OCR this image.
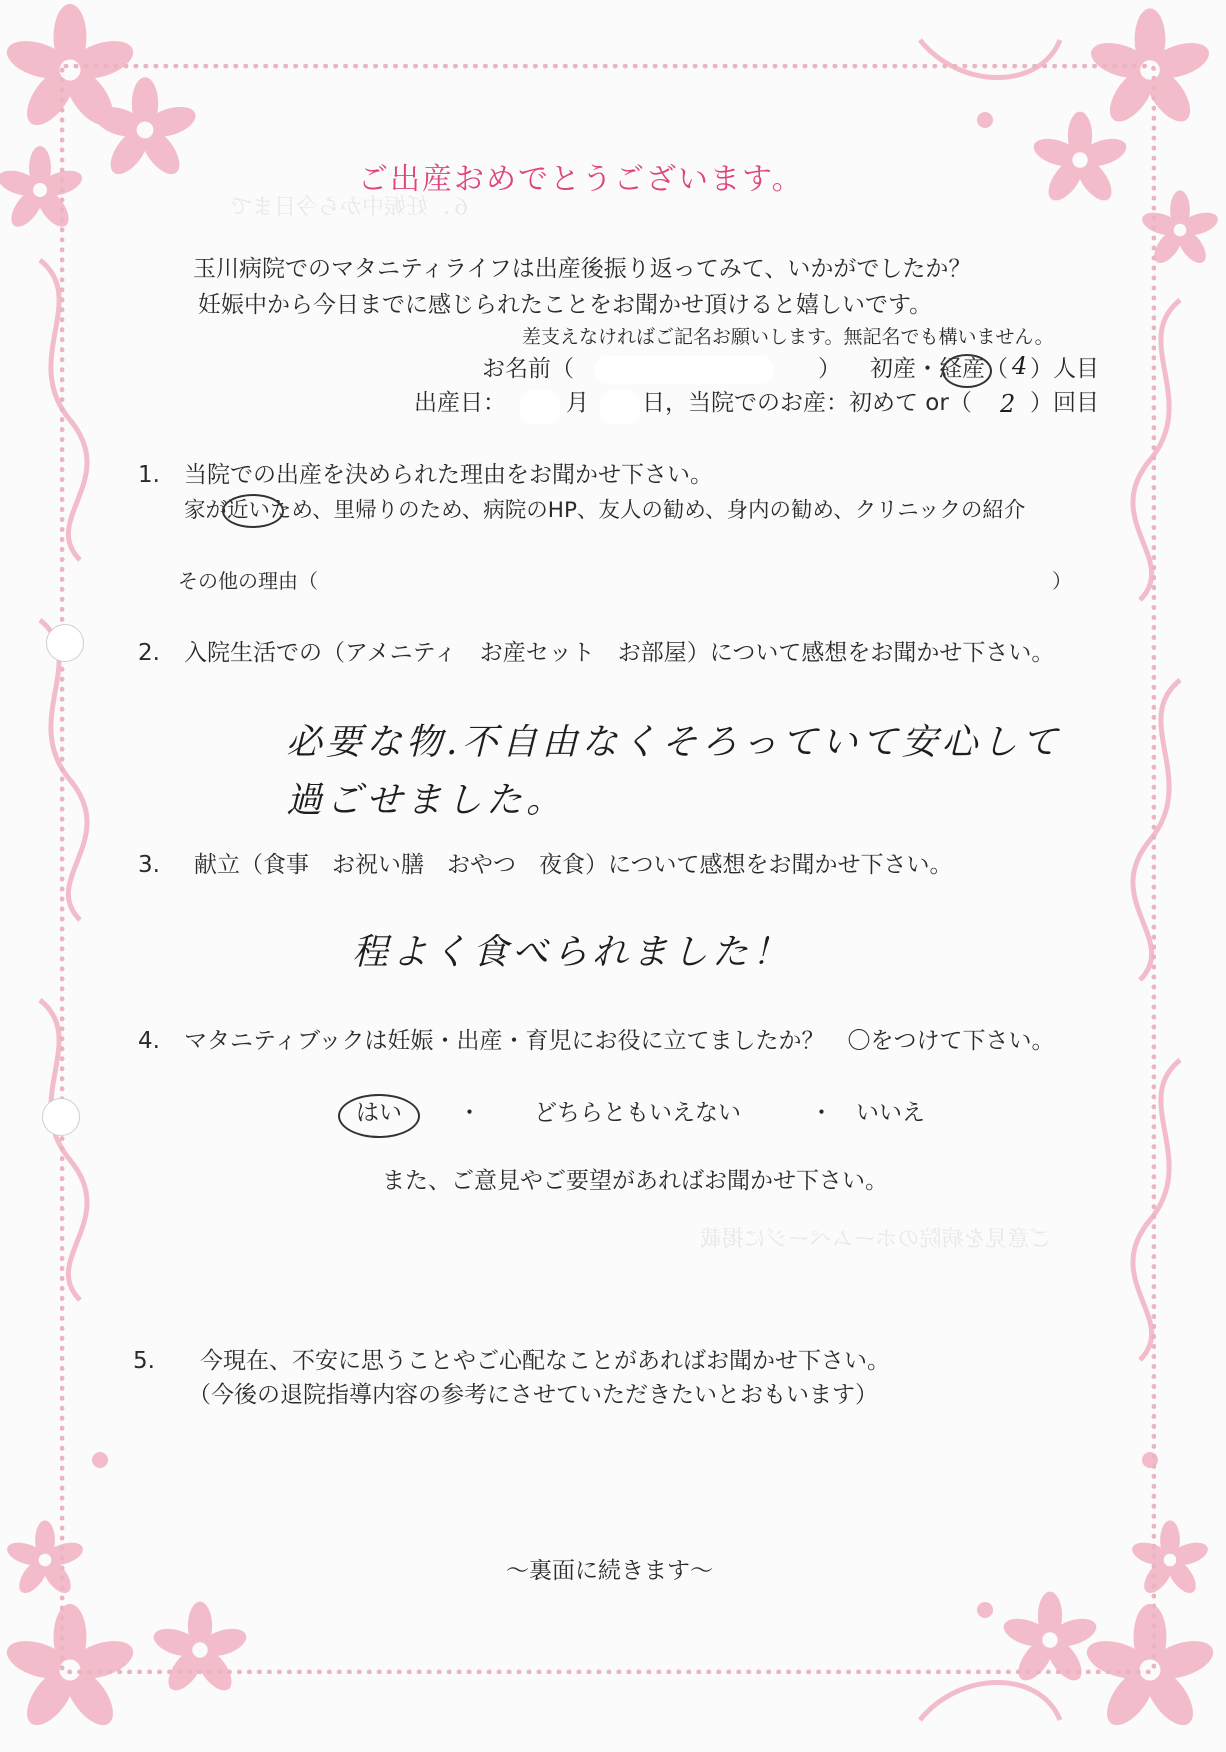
６．妊娠中から今日まで
ご意見を病院のホームページに掲載
ご出産おめでとうございます。
玉川病院でのマタニティライフは出産後振り返ってみて、いかがでしたか？
妊娠中から今日までに感じられたことをお聞かせ頂けると嬉しいです。
差支えなければご記名お願いします。無記名でも構いません。
お名前（	） 初産・経産（ 4 ）人目
出産日：	月 日，当院でのお産：初めて or（ 2 ）回目
1. 当院での出産を決められた理由をお聞かせ下さい。
家が近いため、里帰りのため、病院のHP、友人の勧め、身内の勧め、クリニックの紹介
その他の理由（	）
2. 入院生活での（アメニティ　お産セット　お部屋）について感想をお聞かせ下さい。
必要な物.不自由なくそろっていて安心して
過ごせました。
3. 献立（食事　お祝い膳　おやつ　夜食）について感想をお聞かせ下さい。
程よく食べられました！
4. マタニティブックは妊娠・出産・育児にお役に立てましたか？　〇をつけて下さい。
はい ・ どちらともいえない	・ いいえ
また、ご意見やご要望があればお聞かせ下さい。
5. 今現在、不安に思うことやご心配なことがあればお聞かせ下さい。
（今後の退院指導内容の参考にさせていただきたいとおもいます）
～裏面に続きます～
